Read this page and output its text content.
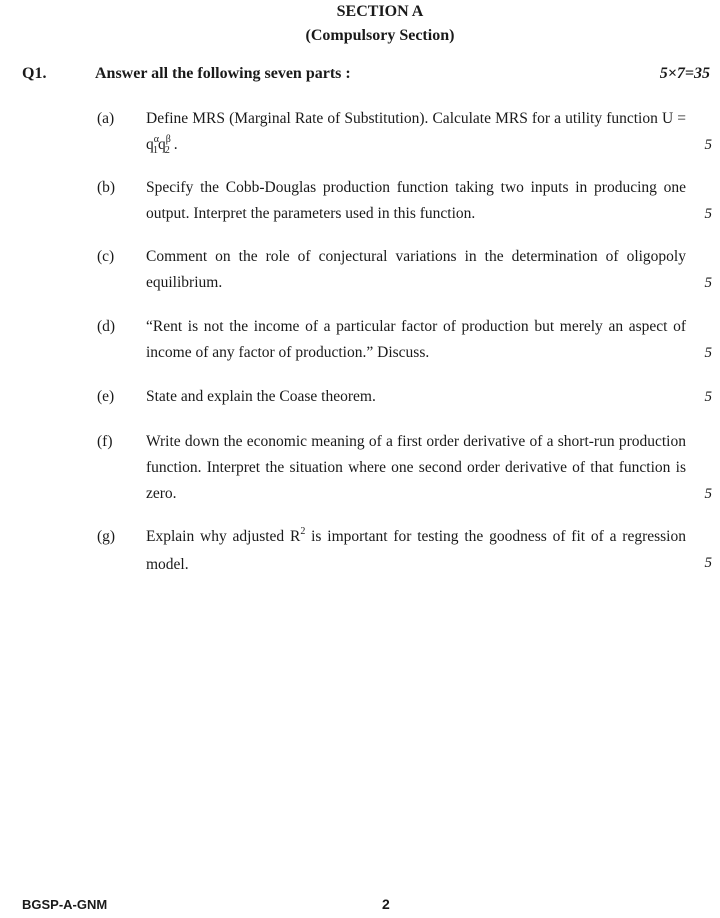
SECTION A
(Compulsory Section)
Q1.	Answer all the following seven parts :	5×7=35
(a) Define MRS (Marginal Rate of Substitution). Calculate MRS for a utility function $U = q^\alpha_1q^\beta_2$ .	5
(b) Specify the Cobb-Douglas production function taking two inputs in producing one output. Interpret the parameters used in this function.	5
(c) Comment on the role of conjectural variations in the determination of oligopoly equilibrium.	5
(d) “Rent is not the income of a particular factor of production but merely an aspect of income of any factor of production.” Discuss.	5
(e) State and explain the Coase theorem.	5
(f) Write down the economic meaning of a first order derivative of a short-run production function. Interpret the situation where one second order derivative of that function is zero.	5
(g) Explain why adjusted $R^2$ is important for testing the goodness of fit of a regression model.	5
BGSP-A-GNM	2
